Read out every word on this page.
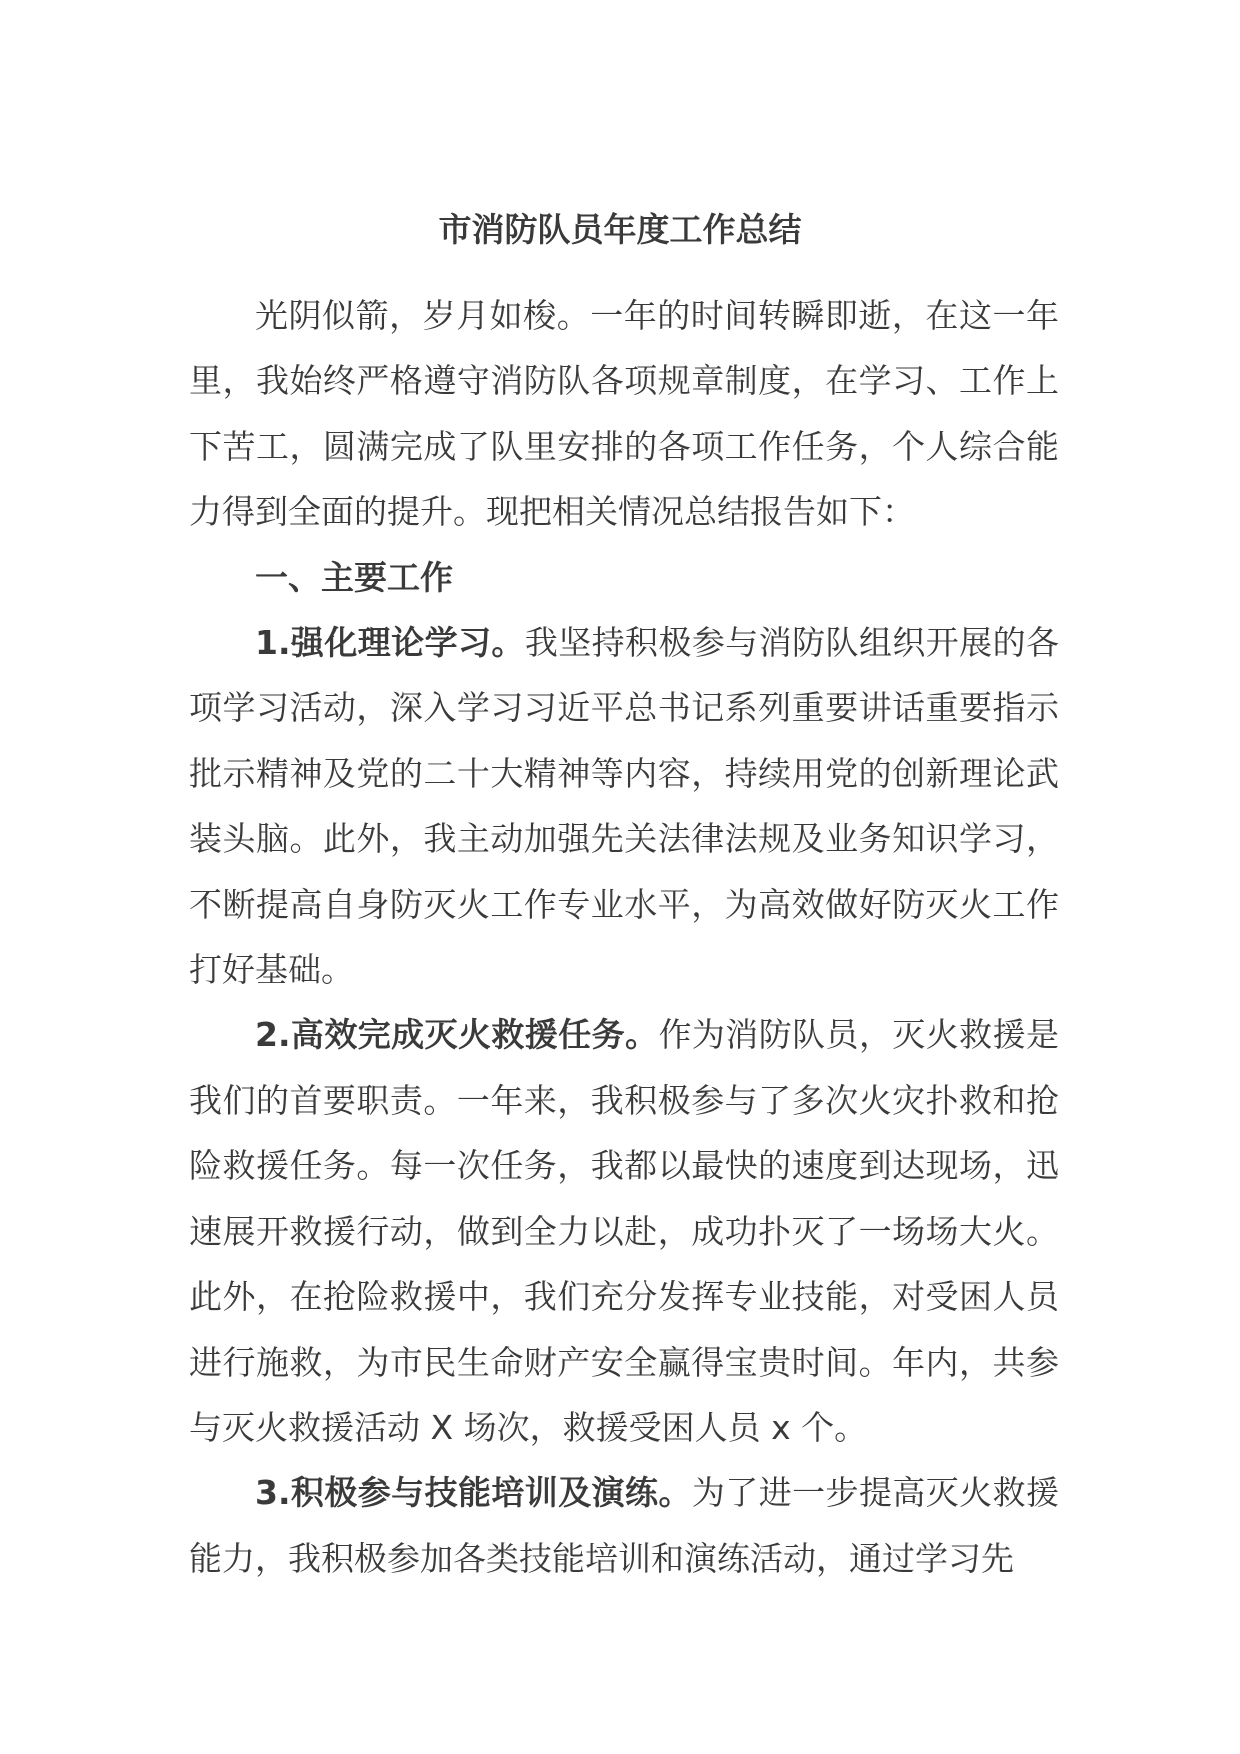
市消防队员年度工作总结

光阴似箭，岁月如梭。一年的时间转瞬即逝，在这一年里，我始终严格遵守消防队各项规章制度，在学习、工作上下苦工，圆满完成了队里安排的各项工作任务，个人综合能力得到全面的提升。现把相关情况总结报告如下：

一、主要工作

1.强化理论学习。我坚持积极参与消防队组织开展的各项学习活动，深入学习习近平总书记系列重要讲话重要指示批示精神及党的二十大精神等内容，持续用党的创新理论武装头脑。此外，我主动加强先关法律法规及业务知识学习，不断提高自身防灭火工作专业水平，为高效做好防灭火工作打好基础。

2.高效完成灭火救援任务。作为消防队员，灭火救援是我们的首要职责。一年来，我积极参与了多次火灾扑救和抢险救援任务。每一次任务，我都以最快的速度到达现场，迅速展开救援行动，做到全力以赴，成功扑灭了一场场大火。此外，在抢险救援中，我们充分发挥专业技能，对受困人员进行施救，为市民生命财产安全赢得宝贵时间。年内，共参与灭火救援活动 X 场次，救援受困人员 x 个。

3.积极参与技能培训及演练。为了进一步提高灭火救援能力，我积极参加各类技能培训和演练活动，通过学习先
